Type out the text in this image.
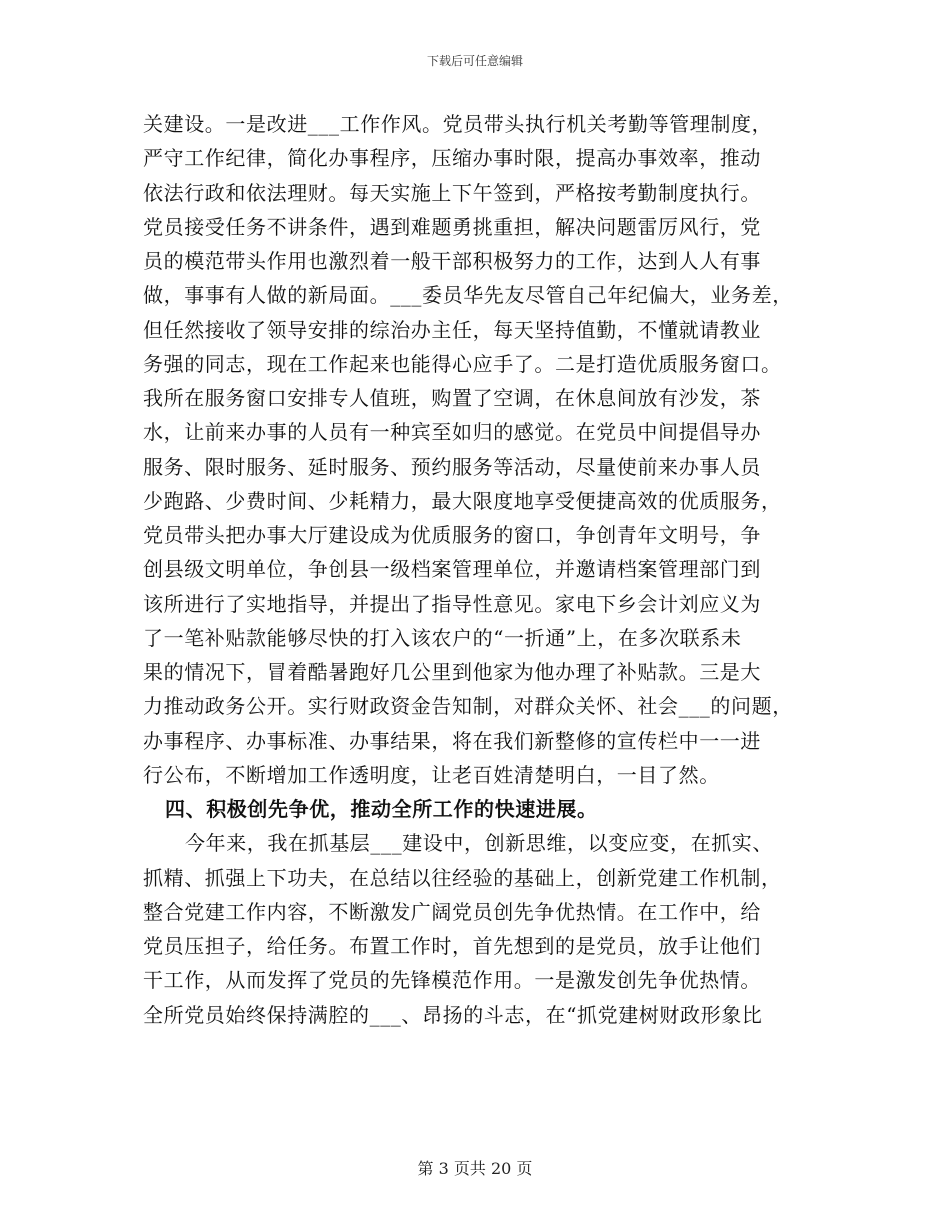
下载后可任意编辑
关建设。一是改进___工作作风。党员带头执行机关考勤等管理制度，
严守工作纪律，简化办事程序，压缩办事时限，提高办事效率，推动
依法行政和依法理财。每天实施上下午签到，严格按考勤制度执行。
党员接受任务不讲条件，遇到难题勇挑重担，解决问题雷厉风行，党
员的模范带头作用也激烈着一般干部积极努力的工作，达到人人有事
做，事事有人做的新局面。___委员华先友尽管自己年纪偏大，业务差，
但任然接收了领导安排的综治办主任，每天坚持值勤，不懂就请教业
务强的同志，现在工作起来也能得心应手了。二是打造优质服务窗口。
我所在服务窗口安排专人值班，购置了空调，在休息间放有沙发，茶
水，让前来办事的人员有一种宾至如归的感觉。在党员中间提倡导办
服务、限时服务、延时服务、预约服务等活动，尽量使前来办事人员
少跑路、少费时间、少耗精力，最大限度地享受便捷高效的优质服务，
党员带头把办事大厅建设成为优质服务的窗口，争创青年文明号，争
创县级文明单位，争创县一级档案管理单位，并邀请档案管理部门到
该所进行了实地指导，并提出了指导性意见。家电下乡会计刘应义为
了一笔补贴款能够尽快的打入该农户的“一折通”上，在多次联系未
果的情况下，冒着酷暑跑好几公里到他家为他办理了补贴款。三是大
力推动政务公开。实行财政资金告知制，对群众关怀、社会___的问题，
办事程序、办事标准、办事结果，将在我们新整修的宣传栏中一一进
行公布，不断增加工作透明度，让老百姓清楚明白，一目了然。
四、积极创先争优，推动全所工作的快速进展。
今年来，我在抓基层___建设中，创新思维，以变应变，在抓实、
抓精、抓强上下功夫，在总结以往经验的基础上，创新党建工作机制，
整合党建工作内容，不断激发广阔党员创先争优热情。在工作中，给
党员压担子，给任务。布置工作时，首先想到的是党员，放手让他们
干工作，从而发挥了党员的先锋模范作用。一是激发创先争优热情。
全所党员始终保持满腔的___、昂扬的斗志，在“抓党建树财政形象比
第 3 页共 20 页
